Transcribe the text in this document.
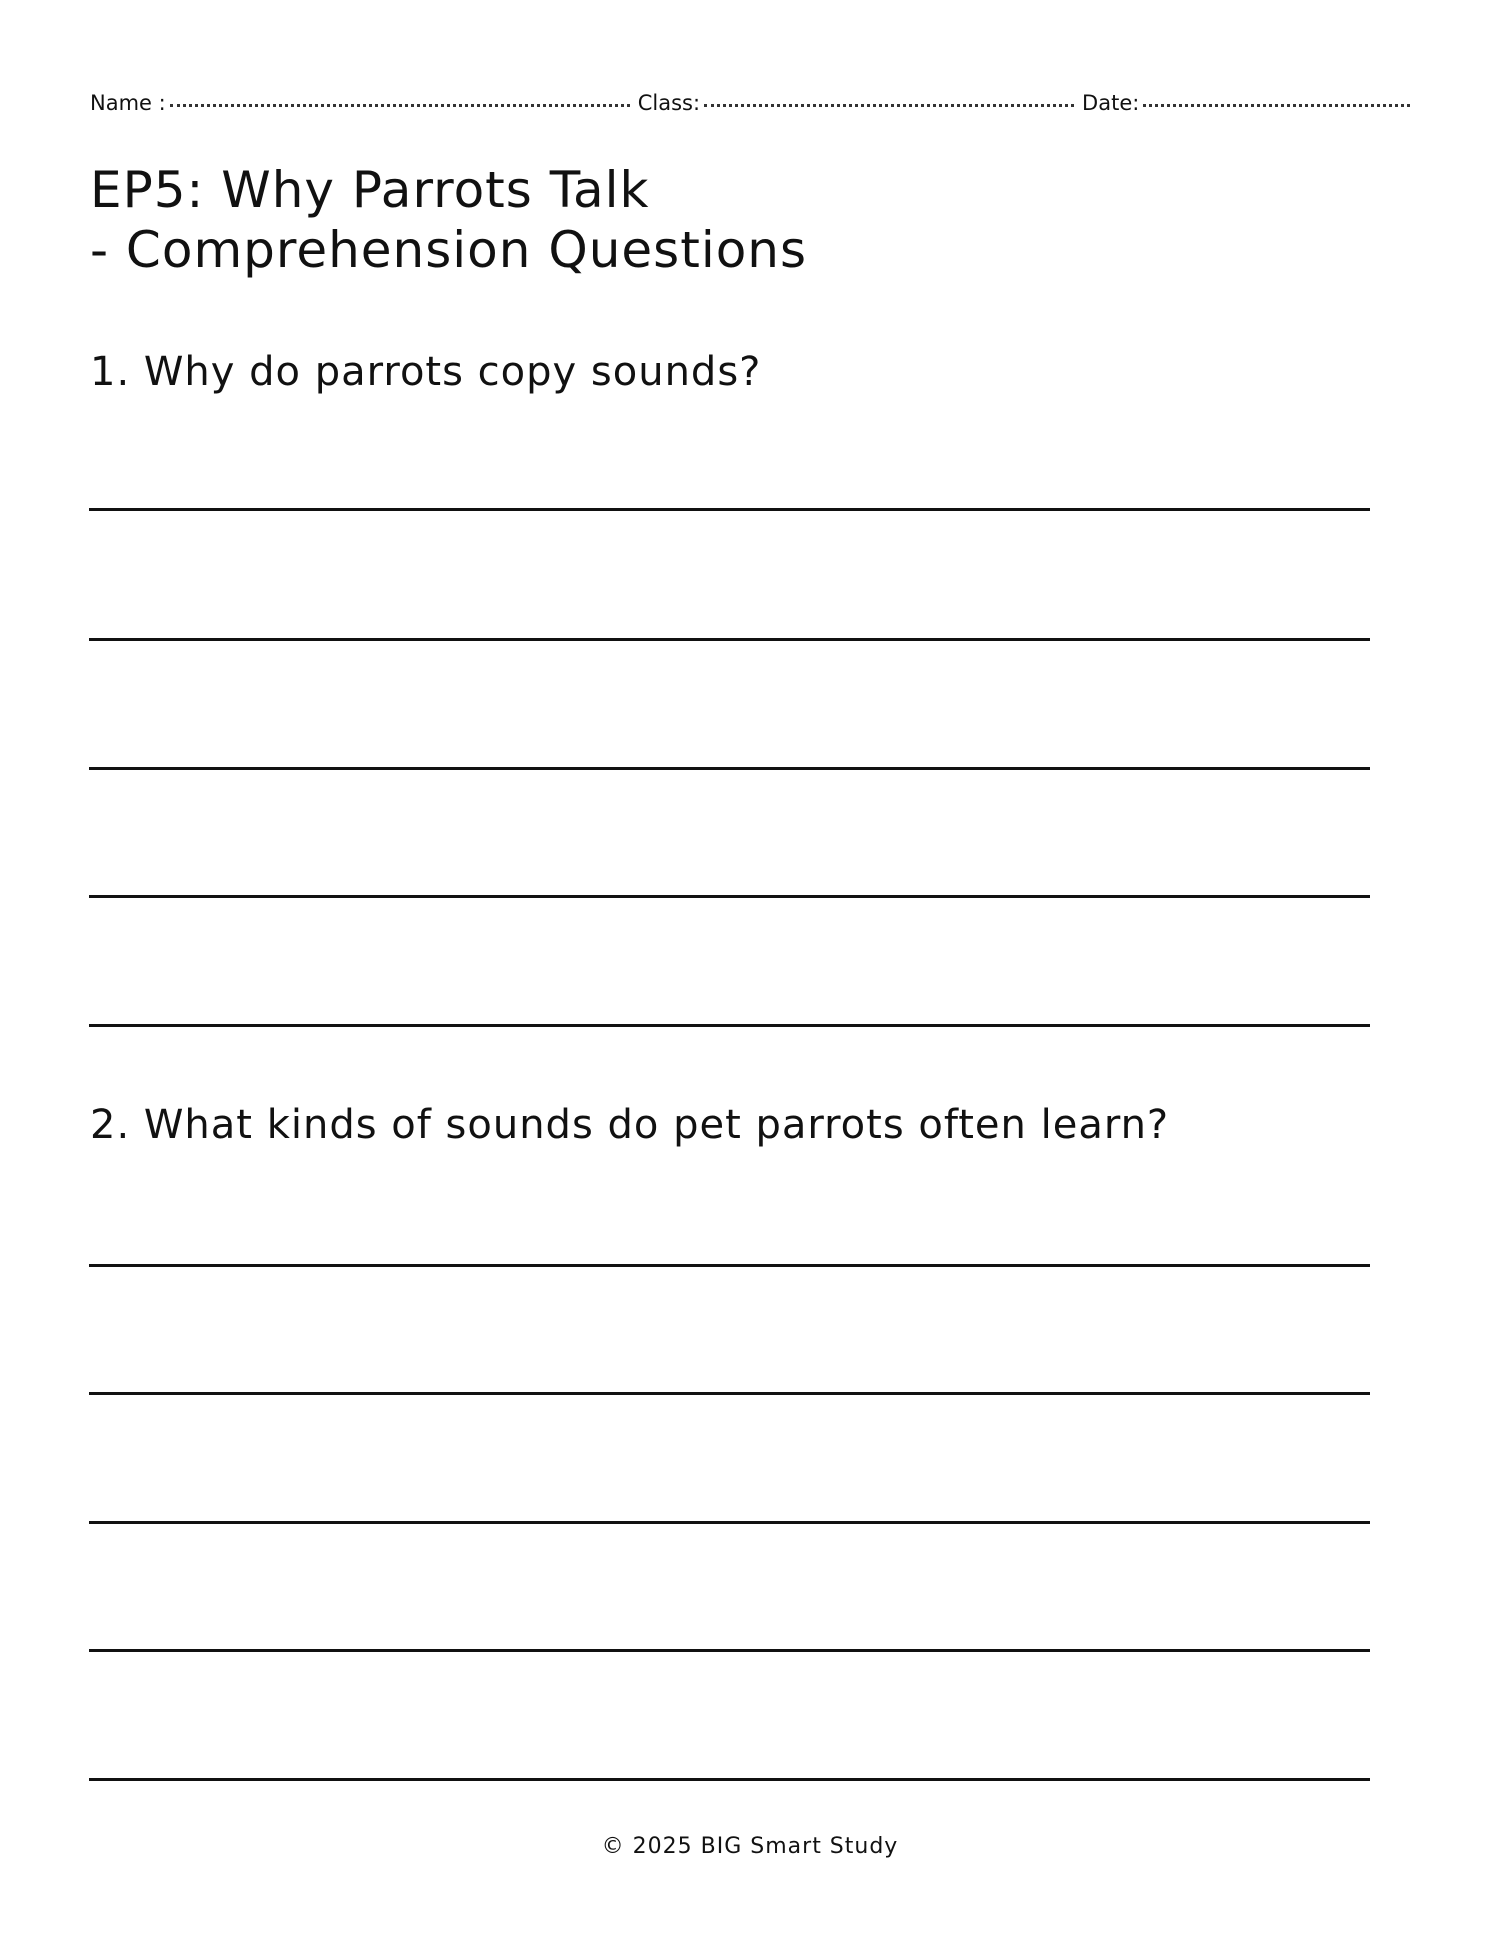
Name :	Class:	Date:
EP5: Why Parrots Talk
- Comprehension Questions

1. Why do parrots copy sounds?

2. What kinds of sounds do pet parrots often learn?

© 2025 BIG Smart Study
